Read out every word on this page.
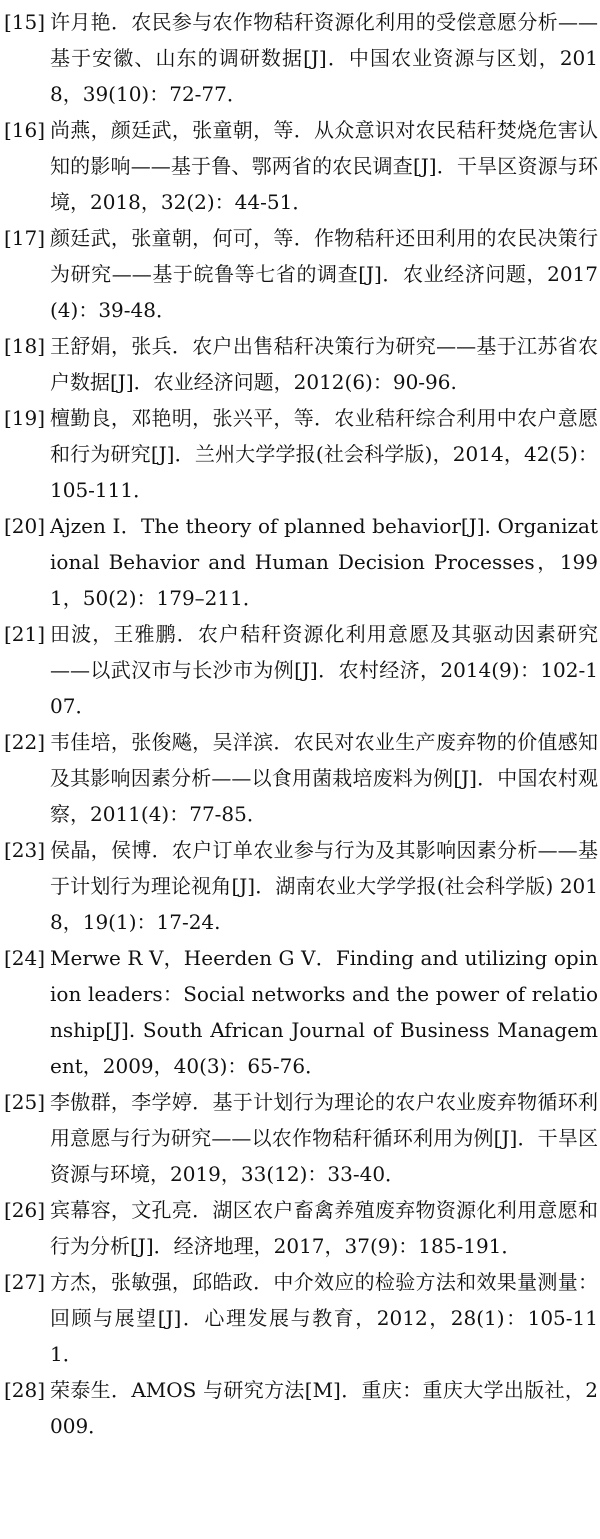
[15] 许月艳．农民参与农作物秸秆资源化利用的受偿意愿分析——基于安徽、山东的调研数据[J]．中国农业资源与区划，2018，39(10)：72-77．
[16] 尚燕，颜廷武，张童朝，等．从众意识对农民秸秆焚烧危害认知的影响——基于鲁、鄂两省的农民调查[J]．干旱区资源与环境，2018，32(2)：44-51．
[17] 颜廷武，张童朝，何可，等．作物秸秆还田利用的农民决策行为研究——基于皖鲁等七省的调查[J]．农业经济问题，2017(4)：39-48．
[18] 王舒娟，张兵．农户出售秸秆决策行为研究——基于江苏省农户数据[J]．农业经济问题，2012(6)：90-96.
[19] 檀勤良，邓艳明，张兴平，等．农业秸秆综合利用中农户意愿和行为研究[J]．兰州大学学报(社会科学版)，2014，42(5)：105-111．
[20] Ajzen I．The theory of planned behavior[J]. Organizational Behavior and Human Decision Processes，1991，50(2)：179–211．
[21] 田波，王雅鹏．农户秸秆资源化利用意愿及其驱动因素研究——以武汉市与长沙市为例[J]．农村经济，2014(9)：102-107．
[22] 韦佳培，张俊飚，吴洋滨．农民对农业生产废弃物的价值感知及其影响因素分析——以食用菌栽培废料为例[J]．中国农村观察，2011(4)：77-85．
[23] 侯晶，侯博．农户订单农业参与行为及其影响因素分析——基于计划行为理论视角[J]．湖南农业大学学报(社会科学版) 2018，19(1)：17-24.
[24] Merwe R V，Heerden G V．Finding and utilizing opinion leaders：Social networks and the power of relationship[J]. South African Journal of Business Management，2009，40(3)：65-76．
[25] 李傲群，李学婷．基于计划行为理论的农户农业废弃物循环利用意愿与行为研究——以农作物秸秆循环利用为例[J]．干旱区资源与环境，2019，33(12)：33-40．
[26] 宾幕容，文孔亮．湖区农户畜禽养殖废弃物资源化利用意愿和行为分析[J]．经济地理，2017，37(9)：185-191．
[27] 方杰，张敏强，邱皓政．中介效应的检验方法和效果量测量：回顾与展望[J]．心理发展与教育，2012，28(1)：105-111．
[28] 荣泰生．AMOS 与研究方法[M]．重庆：重庆大学出版社，2009．
